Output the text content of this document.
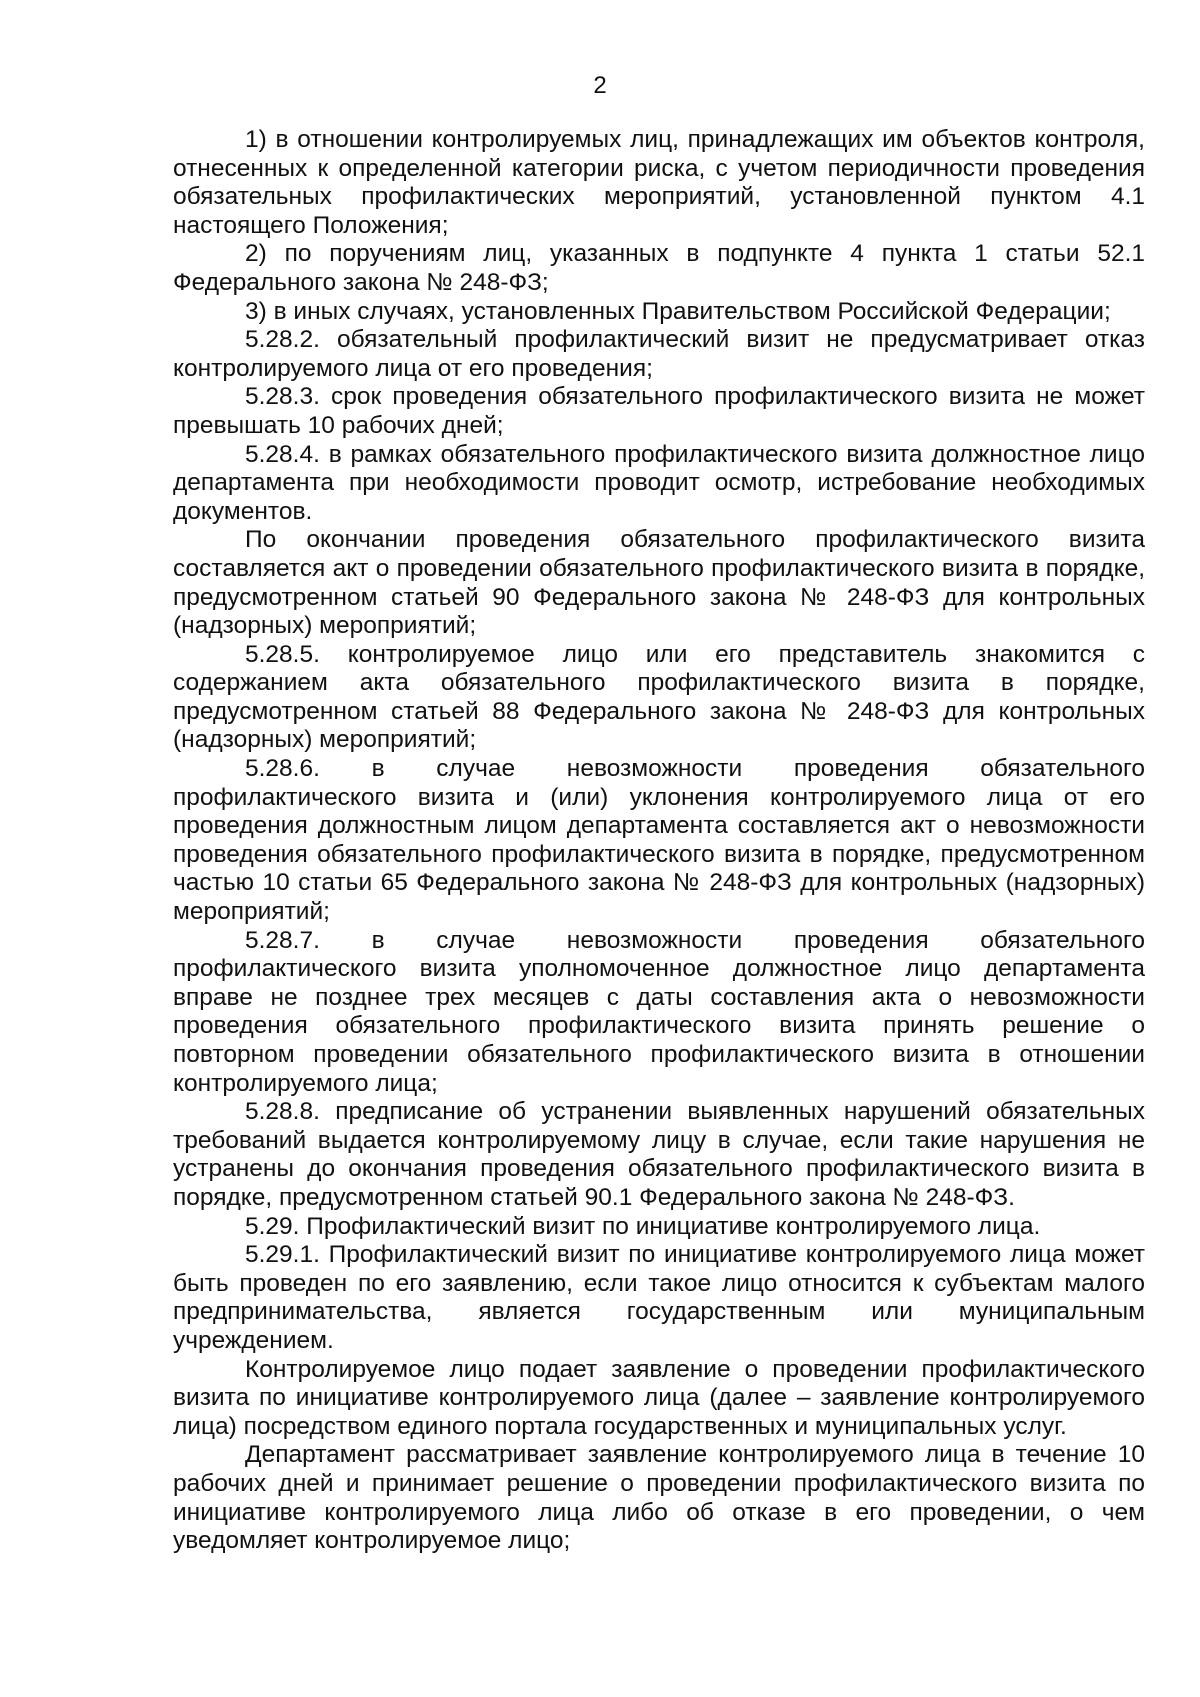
2

1) в отношении контролируемых лиц, принадлежащих им объектов контроля, отнесенных к определенной категории риска, с учетом периодичности проведения обязательных профилактических мероприятий, установленной пунктом 4.1 настоящего Положения;

2) по поручениям лиц, указанных в подпункте 4 пункта 1 статьи 52.1 Федерального закона № 248-ФЗ;

3) в иных случаях, установленных Правительством Российской Федерации;

5.28.2. обязательный профилактический визит не предусматривает отказ контролируемого лица от его проведения;

5.28.3. срок проведения обязательного профилактического визита не может превышать 10 рабочих дней;

5.28.4. в рамках обязательного профилактического визита должностное лицо департамента при необходимости проводит осмотр, истребование необходимых документов.

По окончании проведения обязательного профилактического визита составляется акт о проведении обязательного профилактического визита в порядке, предусмотренном статьей 90 Федерального закона № 248-ФЗ для контрольных (надзорных) мероприятий;

5.28.5. контролируемое лицо или его представитель знакомится с содержанием акта обязательного профилактического визита в порядке, предусмотренном статьей 88 Федерального закона № 248-ФЗ для контрольных (надзорных) мероприятий;

5.28.6. в случае невозможности проведения обязательного профилактического визита и (или) уклонения контролируемого лица от его проведения должностным лицом департамента составляется акт о невозможности проведения обязательного профилактического визита в порядке, предусмотренном частью 10 статьи 65 Федерального закона № 248-ФЗ для контрольных (надзорных) мероприятий;

5.28.7. в случае невозможности проведения обязательного профилактического визита уполномоченное должностное лицо департамента вправе не позднее трех месяцев с даты составления акта о невозможности проведения обязательного профилактического визита принять решение о повторном проведении обязательного профилактического визита в отношении контролируемого лица;

5.28.8. предписание об устранении выявленных нарушений обязательных требований выдается контролируемому лицу в случае, если такие нарушения не устранены до окончания проведения обязательного профилактического визита в порядке, предусмотренном статьей 90.1 Федерального закона № 248-ФЗ.

5.29. Профилактический визит по инициативе контролируемого лица.

5.29.1. Профилактический визит по инициативе контролируемого лица может быть проведен по его заявлению, если такое лицо относится к субъектам малого предпринимательства, является государственным или муниципальным учреждением.

Контролируемое лицо подает заявление о проведении профилактического визита по инициативе контролируемого лица (далее – заявление контролируемого лица) посредством единого портала государственных и муниципальных услуг.

Департамент рассматривает заявление контролируемого лица в течение 10 рабочих дней и принимает решение о проведении профилактического визита по инициативе контролируемого лица либо об отказе в его проведении, о чем уведомляет контролируемое лицо;
